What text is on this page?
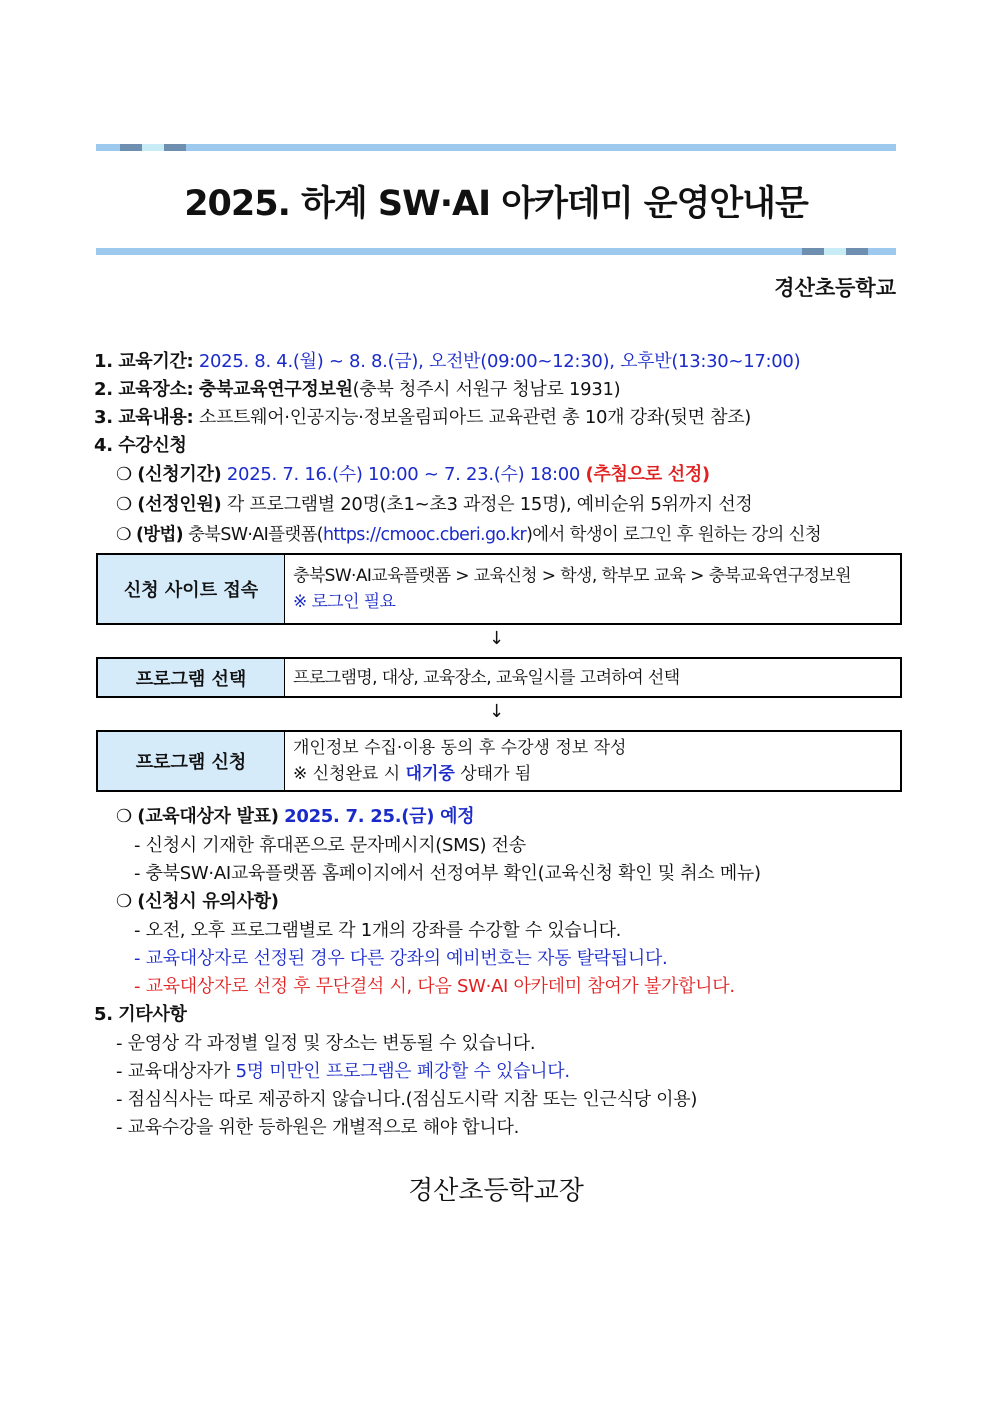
2025. 하계 SW·AI 아카데미 운영안내문
경산초등학교
1. 교육기간: 2025. 8. 4.(월) ~ 8. 8.(금), 오전반(09:00~12:30), 오후반(13:30~17:00)
2. 교육장소: 충북교육연구정보원(충북 청주시 서원구 청남로 1931)
3. 교육내용: 소프트웨어·인공지능·정보올림피아드 교육관련 총 10개 강좌(뒷면 참조)
4. 수강신청
❍ (신청기간) 2025. 7. 16.(수) 10:00 ~ 7. 23.(수) 18:00 (추첨으로 선정)
❍ (선정인원) 각 프로그램별 20명(초1~초3 과정은 15명), 예비순위 5위까지 선정
❍ (방법) 충북SW·AI플랫폼(https://cmooc.cberi.go.kr)에서 학생이 로그인 후 원하는 강의 신청
신청 사이트 접속
충북SW·AI교육플랫폼 > 교육신청 > 학생, 학부모 교육 > 충북교육연구정보원
※ 로그인 필요
↓
프로그램 선택	프로그램명, 대상, 교육장소, 교육일시를 고려하여 선택
↓
프로그램 신청
개인정보 수집·이용 동의 후 수강생 정보 작성
※ 신청완료 시 대기중 상태가 됨
❍ (교육대상자 발표) 2025. 7. 25.(금) 예정
- 신청시 기재한 휴대폰으로 문자메시지(SMS) 전송
- 충북SW·AI교육플랫폼 홈페이지에서 선정여부 확인(교육신청 확인 및 취소 메뉴)
❍ (신청시 유의사항)
- 오전, 오후 프로그램별로 각 1개의 강좌를 수강할 수 있습니다.
- 교육대상자로 선정된 경우 다른 강좌의 예비번호는 자동 탈락됩니다.
- 교육대상자로 선정 후 무단결석 시, 다음 SW·AI 아카데미 참여가 불가합니다.
5. 기타사항
- 운영상 각 과정별 일정 및 장소는 변동될 수 있습니다.
- 교육대상자가 5명 미만인 프로그램은 폐강할 수 있습니다.
- 점심식사는 따로 제공하지 않습니다.(점심도시락 지참 또는 인근식당 이용)
- 교육수강을 위한 등하원은 개별적으로 해야 합니다.
경산초등학교장
